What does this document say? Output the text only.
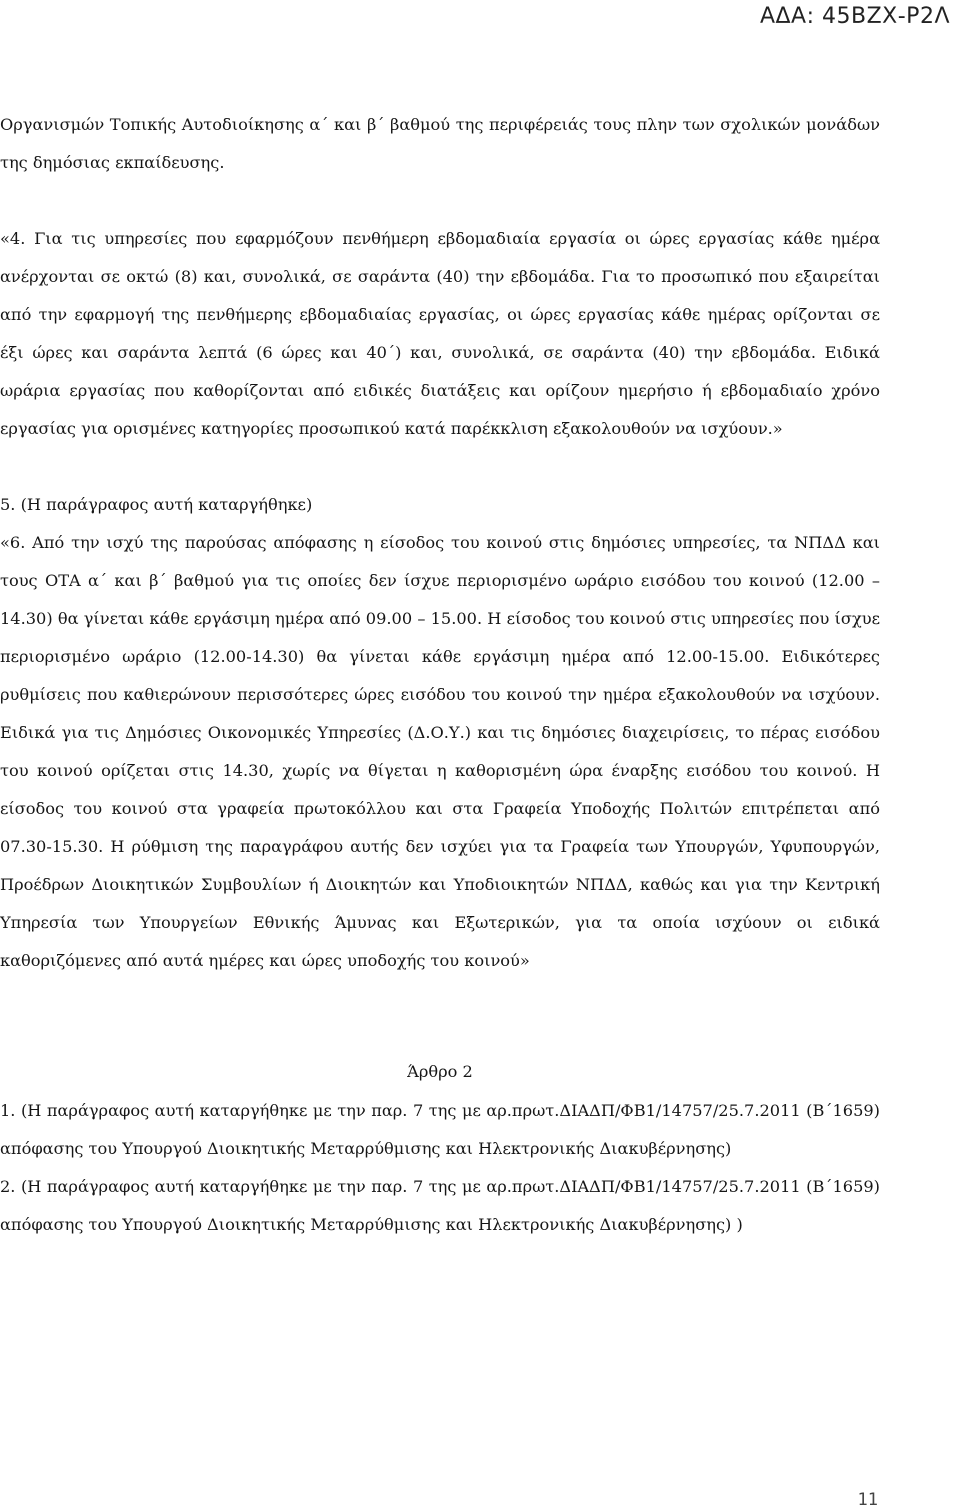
ΑΔΑ: 45ΒΖΧ-Ρ2Λ

Οργανισμών Τοπικής Αυτοδιοίκησης α΄ και β΄ βαθμού της περιφέρειάς τους πλην των σχολικών μονάδων της δημόσιας εκπαίδευσης.

«4. Για τις υπηρεσίες που εφαρμόζουν πενθήμερη εβδομαδιαία εργασία οι ώρες εργασίας κάθε ημέρα ανέρχονται σε οκτώ (8) και, συνολικά, σε σαράντα (40) την εβδομάδα. Για το προσωπικό που εξαιρείται από την εφαρμογή της πενθήμερης εβδομαδιαίας εργασίας, οι ώρες εργασίας κάθε ημέρας ορίζονται σε έξι ώρες και σαράντα λεπτά (6 ώρες και 40΄) και, συνολικά, σε σαράντα (40) την εβδομάδα. Ειδικά ωράρια εργασίας που καθορίζονται από ειδικές διατάξεις και ορίζουν ημερήσιο ή εβδομαδιαίο χρόνο εργασίας για ορισμένες κατηγορίες προσωπικού κατά παρέκκλιση εξακολουθούν να ισχύουν.»

5. (Η παράγραφος αυτή καταργήθηκε)

«6. Από την ισχύ της παρούσας απόφασης η είσοδος του κοινού στις δημόσιες υπηρεσίες, τα ΝΠΔΔ και τους ΟΤΑ α΄ και β΄ βαθμού για τις οποίες δεν ίσχυε περιορισμένο ωράριο εισόδου του κοινού (12.00 – 14.30) θα γίνεται κάθε εργάσιμη ημέρα από 09.00 – 15.00. Η είσοδος του κοινού στις υπηρεσίες που ίσχυε περιορισμένο ωράριο (12.00-14.30) θα γίνεται κάθε εργάσιμη ημέρα από 12.00-15.00. Ειδικότερες ρυθμίσεις που καθιερώνουν περισσότερες ώρες εισόδου του κοινού την ημέρα εξακολουθούν να ισχύουν. Ειδικά για τις Δημόσιες Οικονομικές Υπηρεσίες (Δ.Ο.Υ.) και τις δημόσιες διαχειρίσεις, το πέρας εισόδου του κοινού ορίζεται στις 14.30, χωρίς να θίγεται η καθορισμένη ώρα έναρξης εισόδου του κοινού. Η είσοδος του κοινού στα γραφεία πρωτοκόλλου και στα Γραφεία Υποδοχής Πολιτών επιτρέπεται από 07.30-15.30. Η ρύθμιση της παραγράφου αυτής δεν ισχύει για τα Γραφεία των Υπουργών, Υφυπουργών, Προέδρων Διοικητικών Συμβουλίων ή Διοικητών και Υποδιοικητών ΝΠΔΔ, καθώς και για την Κεντρική Υπηρεσία των Υπουργείων Εθνικής Άμυνας και Εξωτερικών, για τα οποία ισχύουν οι ειδικά καθοριζόμενες από αυτά ημέρες και ώρες υποδοχής του κοινού»

Άρθρο 2

1. (Η παράγραφος αυτή καταργήθηκε με την παρ. 7 της με αρ.πρωτ.ΔΙΑΔΠ/ΦΒ1/14757/25.7.2011 (Β΄1659) απόφασης του Υπουργού Διοικητικής Μεταρρύθμισης και Ηλεκτρονικής Διακυβέρνησης)

2. (Η παράγραφος αυτή καταργήθηκε με την παρ. 7 της με αρ.πρωτ.ΔΙΑΔΠ/ΦΒ1/14757/25.7.2011 (Β΄1659) απόφασης του Υπουργού Διοικητικής Μεταρρύθμισης και Ηλεκτρονικής Διακυβέρνησης) )

11
